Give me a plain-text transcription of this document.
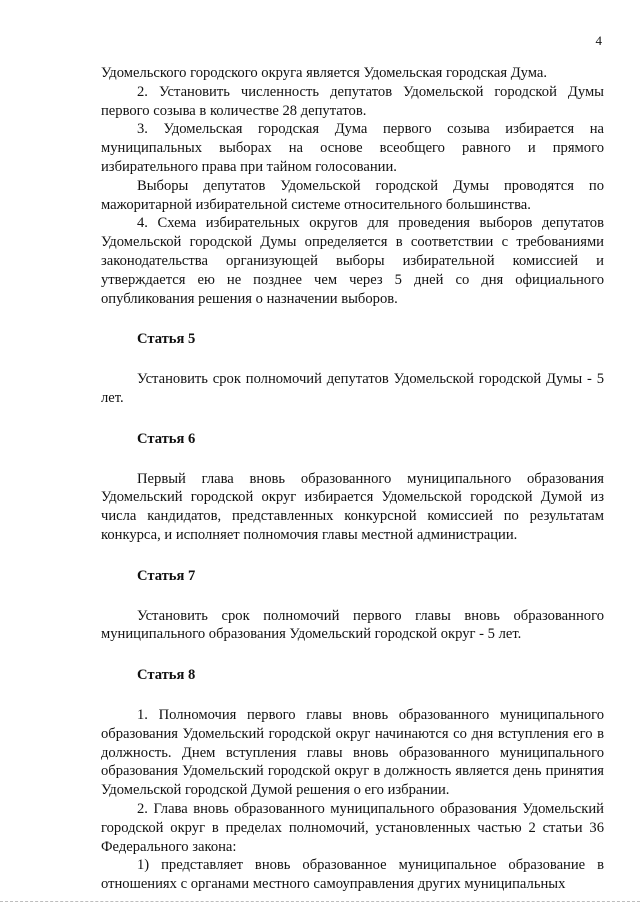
4

Удомельского городского округа является Удомельская городская Дума.

2. Установить численность депутатов Удомельской городской Думы первого созыва в количестве 28 депутатов.

3. Удомельская городская Дума первого созыва избирается на муниципальных выборах на основе всеобщего равного и прямого избирательного права при тайном голосовании.

Выборы депутатов Удомельской городской Думы проводятся по мажоритарной избирательной системе относительного большинства.

4. Схема избирательных округов для проведения выборов депутатов Удомельской городской Думы определяется в соответствии с требованиями законодательства организующей выборы избирательной комиссией и утверждается ею не позднее чем через 5 дней со дня официального опубликования решения о назначении выборов.

Статья 5

Установить срок полномочий депутатов Удомельской городской Думы - 5 лет.

Статья 6

Первый глава вновь образованного муниципального образования Удомельский городской округ избирается Удомельской городской Думой из числа кандидатов, представленных конкурсной комиссией по результатам конкурса, и исполняет полномочия главы местной администрации.

Статья 7

Установить срок полномочий первого главы вновь образованного муниципального образования Удомельский городской округ - 5 лет.

Статья 8

1. Полномочия первого главы вновь образованного муниципального образования Удомельский городской округ начинаются со дня вступления его в должность. Днем вступления главы вновь образованного муниципального образования Удомельский городской округ в должность является день принятия Удомельской городской Думой решения о его избрании.

2. Глава вновь образованного муниципального образования Удомельский городской округ в пределах полномочий, установленных частью 2 статьи 36 Федерального закона:

1) представляет вновь образованное муниципальное образование в отношениях с органами местного самоуправления других муниципальных
